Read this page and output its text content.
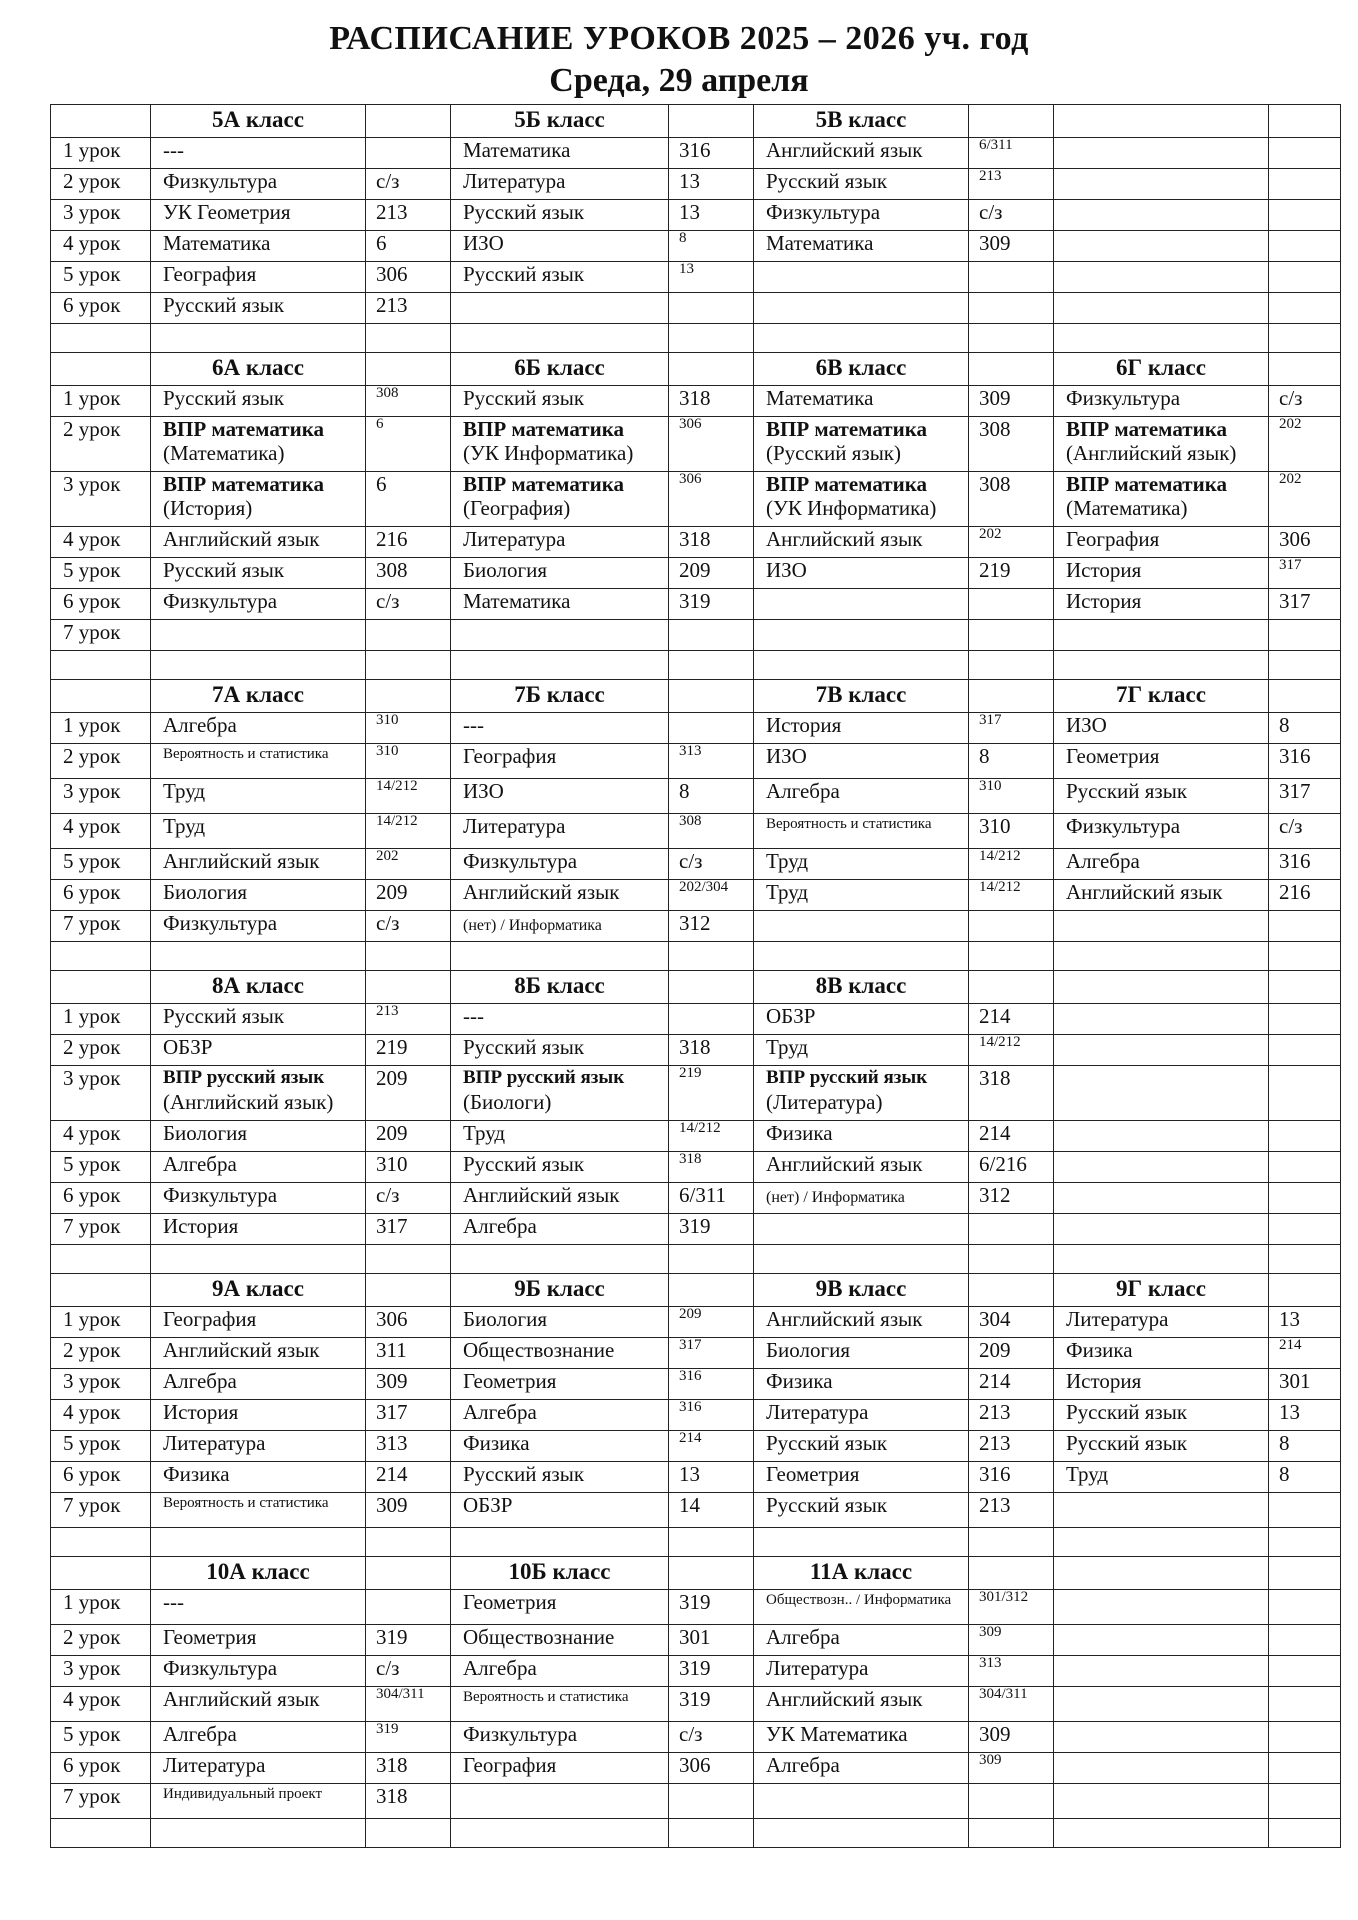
РАСПИСАНИЕ УРОКОВ 2025 – 2026 уч. год
Среда, 29 апреля
	5А класс		5Б класс		5В класс			
1 урок	---		Математика	316	Английский язык	6/311		

2 урок	Физкультура	с/з	Литература	13	Русский язык	213		

3 урок	УК Геометрия	213	Русский язык	13	Физкультура	с/з	

4 урок	Математика	6	ИЗО	8	Математика	309	

5 урок	География	306	Русский язык	13				

6 урок	Русский язык	213	

	6А класс		6Б класс		6В класс		6Г класс	
1 урок	Русский язык	308	Русский язык	318	Математика	309	Физкультура	с/з
2 урок	ВПР математика
(Математика)	6	ВПР математика
(УК Информатика)	306	ВПР математика
(Русский язык)	308	ВПР математика
(Английский язык)	202

3 урок	ВПР математика
(История)	6	ВПР математика
(География)	306	ВПР математика
(УК Информатика)	308	ВПР математика
(Математика)	202

4 урок	Английский язык	216	Литература	318	Английский язык	202	География	306
5 урок	Русский язык	308	Биология	209	ИЗО	219	История	317

6 урок	Физкультура	с/з	Математика	319			История	317
7 урок	

	7А класс		7Б класс		7В класс		7Г класс	
1 урок	Алгебра	310	---		История	317	ИЗО	8
2 урок	Вероятность и статистика	310	География	313	ИЗО	8	Геометрия	316
3 урок	Труд	14/212	ИЗО	8	Алгебра	310	Русский язык	317
4 урок	Труд	14/212	Литература	308	Вероятность и статистика	310	Физкультура	с/з
5 урок	Английский язык	202	Физкультура	с/з	Труд	14/212	Алгебра	316
6 урок	Биология	209	Английский язык	202/304	Труд	14/212	Английский язык	216
7 урок	Физкультура	с/з	(нет) / Информатика	312	

	8А класс		8Б класс		8В класс			
1 урок	Русский язык	213	---		ОБЗР	214	

2 урок	ОБЗР	219	Русский язык	318	Труд	14/212		

3 урок	ВПР русский язык
(Английский язык)	209	ВПР русский язык
(Биологи)	219	ВПР русский язык
(Литература)	318	

4 урок	Биология	209	Труд	14/212	Физика	214	

5 урок	Алгебра	310	Русский язык	318	Английский язык	6/216	

6 урок	Физкультура	с/з	Английский язык	6/311	(нет) / Информатика	312	

7 урок	История	317	Алгебра	319	

	9А класс		9Б класс		9В класс		9Г класс	
1 урок	География	306	Биология	209	Английский язык	304	Литература	13
2 урок	Английский язык	311	Обществознание	317	Биология	209	Физика	214

3 урок	Алгебра	309	Геометрия	316	Физика	214	История	301
4 урок	История	317	Алгебра	316	Литература	213	Русский язык	13
5 урок	Литература	313	Физика	214	Русский язык	213	Русский язык	8
6 урок	Физика	214	Русский язык	13	Геометрия	316	Труд	8
7 урок	Вероятность и статистика	309	ОБЗР	14	Русский язык	213	

	10А класс		10Б класс		11А класс			
1 урок	---		Геометрия	319	Обществозн.. / Информатика	301/312		

2 урок	Геометрия	319	Обществознание	301	Алгебра	309		

3 урок	Физкультура	с/з	Алгебра	319	Литература	313		

4 урок	Английский язык	304/311	Вероятность и статистика	319	Английский язык	304/311		

5 урок	Алгебра	319	Физкультура	с/з	УК Математика	309	

6 урок	Литература	318	География	306	Алгебра	309		

7 урок	Индивидуальный проект	318	
